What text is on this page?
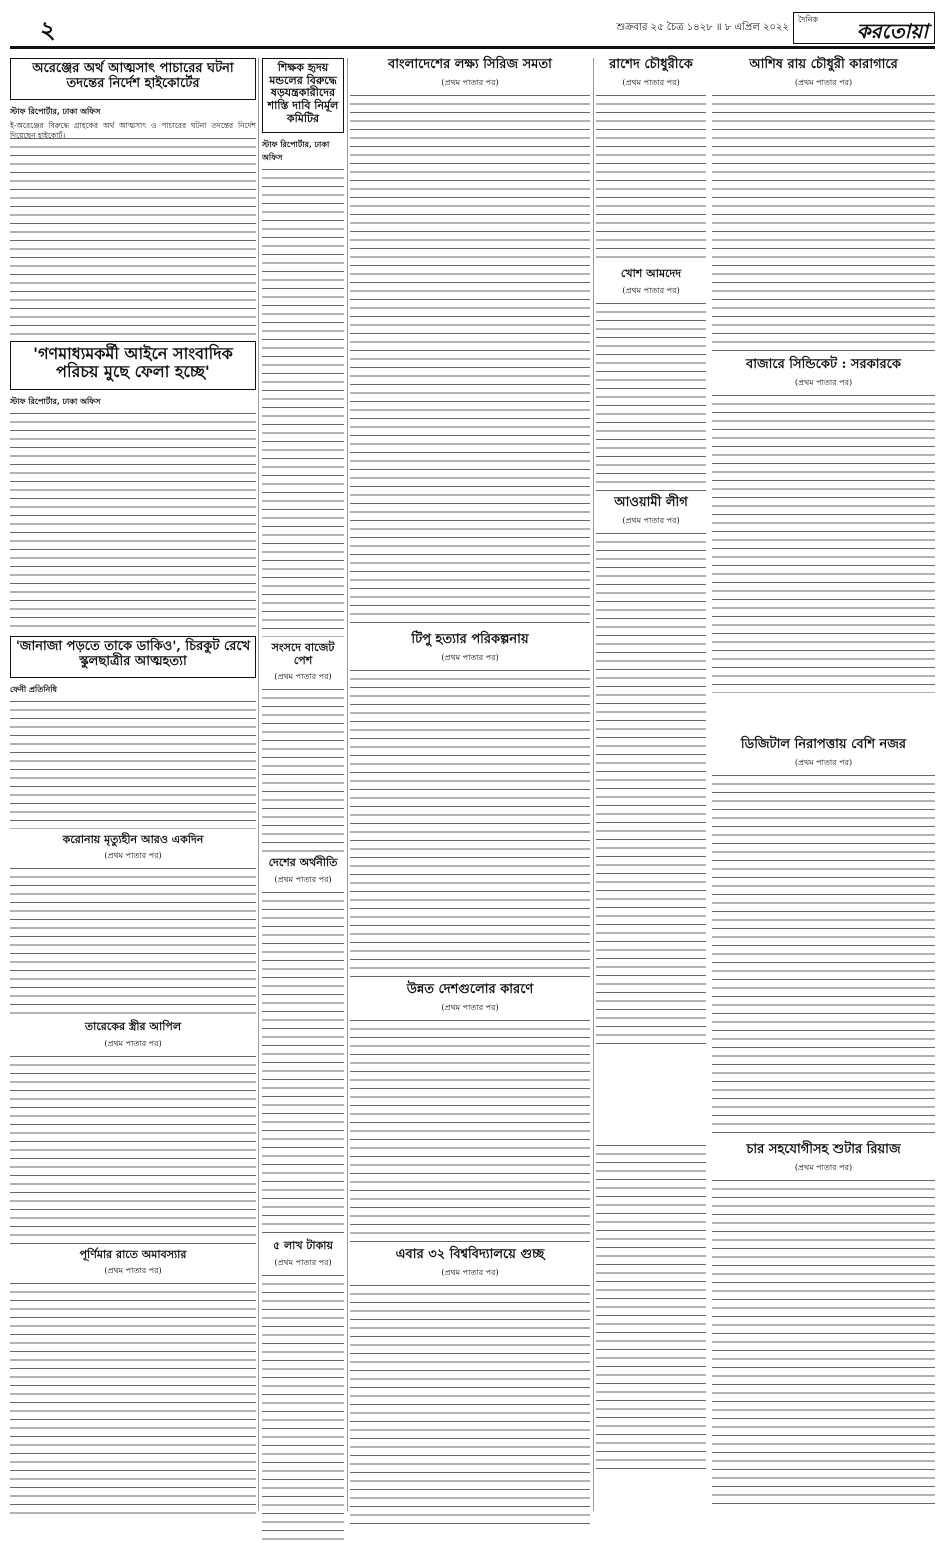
২	শুক্রবার ২৫ চৈত্র ১৪২৮ ॥ ৮ এপ্রিল ২০২২
দৈনিক করতোয়া
অরেঞ্জের অর্থ আত্মসাৎ পাচারের ঘটনা তদন্তের নির্দেশ হাইকোর্টের
স্টাফ রিপোর্টার, ঢাকা অফিস
ই-অরেঞ্জের বিরুদ্ধে গ্রাহকের অর্থ আত্মসাৎ ও পাচারের ঘটনা তদন্তের নির্দেশ দিয়েছেন হাইকোর্ট।
'গণমাধ্যমকর্মী আইনে সাংবাদিক পরিচয় মুছে ফেলা হচ্ছে'
স্টাফ রিপোর্টার, ঢাকা অফিস
'জানাজা পড়তে তাকে ডাকিও', চিরকুট রেখে স্কুলছাত্রীর আত্মহত্যা
ফেনী প্রতিনিধি
করোনায় মৃত্যুহীন আরও একদিন
(প্রথম পাতার পর)
তারেকের স্ত্রীর আপিল
(প্রথম পাতার পর)
পূর্ণিমার রাতে অমাবস্যার
(প্রথম পাতার পর)
শিক্ষক হৃদয় মন্ডলের বিরুদ্ধে ষড়যন্ত্রকারীদের শাস্তি দাবি নির্মূল কমিটির
স্টাফ রিপোর্টার, ঢাকা অফিস
সংসদে বাজেট পেশ
(প্রথম পাতার পর)
দেশের অর্থনীতি
(প্রথম পাতার পর)
৫ লাখ টাকায়
(প্রথম পাতার পর)
বাংলাদেশের লক্ষ্য সিরিজ সমতা
(প্রথম পাতার পর)
টিপু হত্যার পরিকল্পনায়
(প্রথম পাতার পর)
উন্নত দেশগুলোর কারণে
(প্রথম পাতার পর)
এবার ৩২ বিশ্ববিদ্যালয়ে গুচ্ছ
(প্রথম পাতার পর)
রাশেদ চৌধুরীকে
(প্রথম পাতার পর)
খোশ আমদেদ
(প্রথম পাতার পর)
আওয়ামী লীগ
(প্রথম পাতার পর)
আশিষ রায় চৌধুরী কারাগারে
(প্রথম পাতার পর)
বাজারে সিন্ডিকেট : সরকারকে
(প্রথম পাতার পর)
ডিজিটাল নিরাপত্তায় বেশি নজর
(প্রথম পাতার পর)
চার সহযোগীসহ শুটার রিয়াজ
(প্রথম পাতার পর)
